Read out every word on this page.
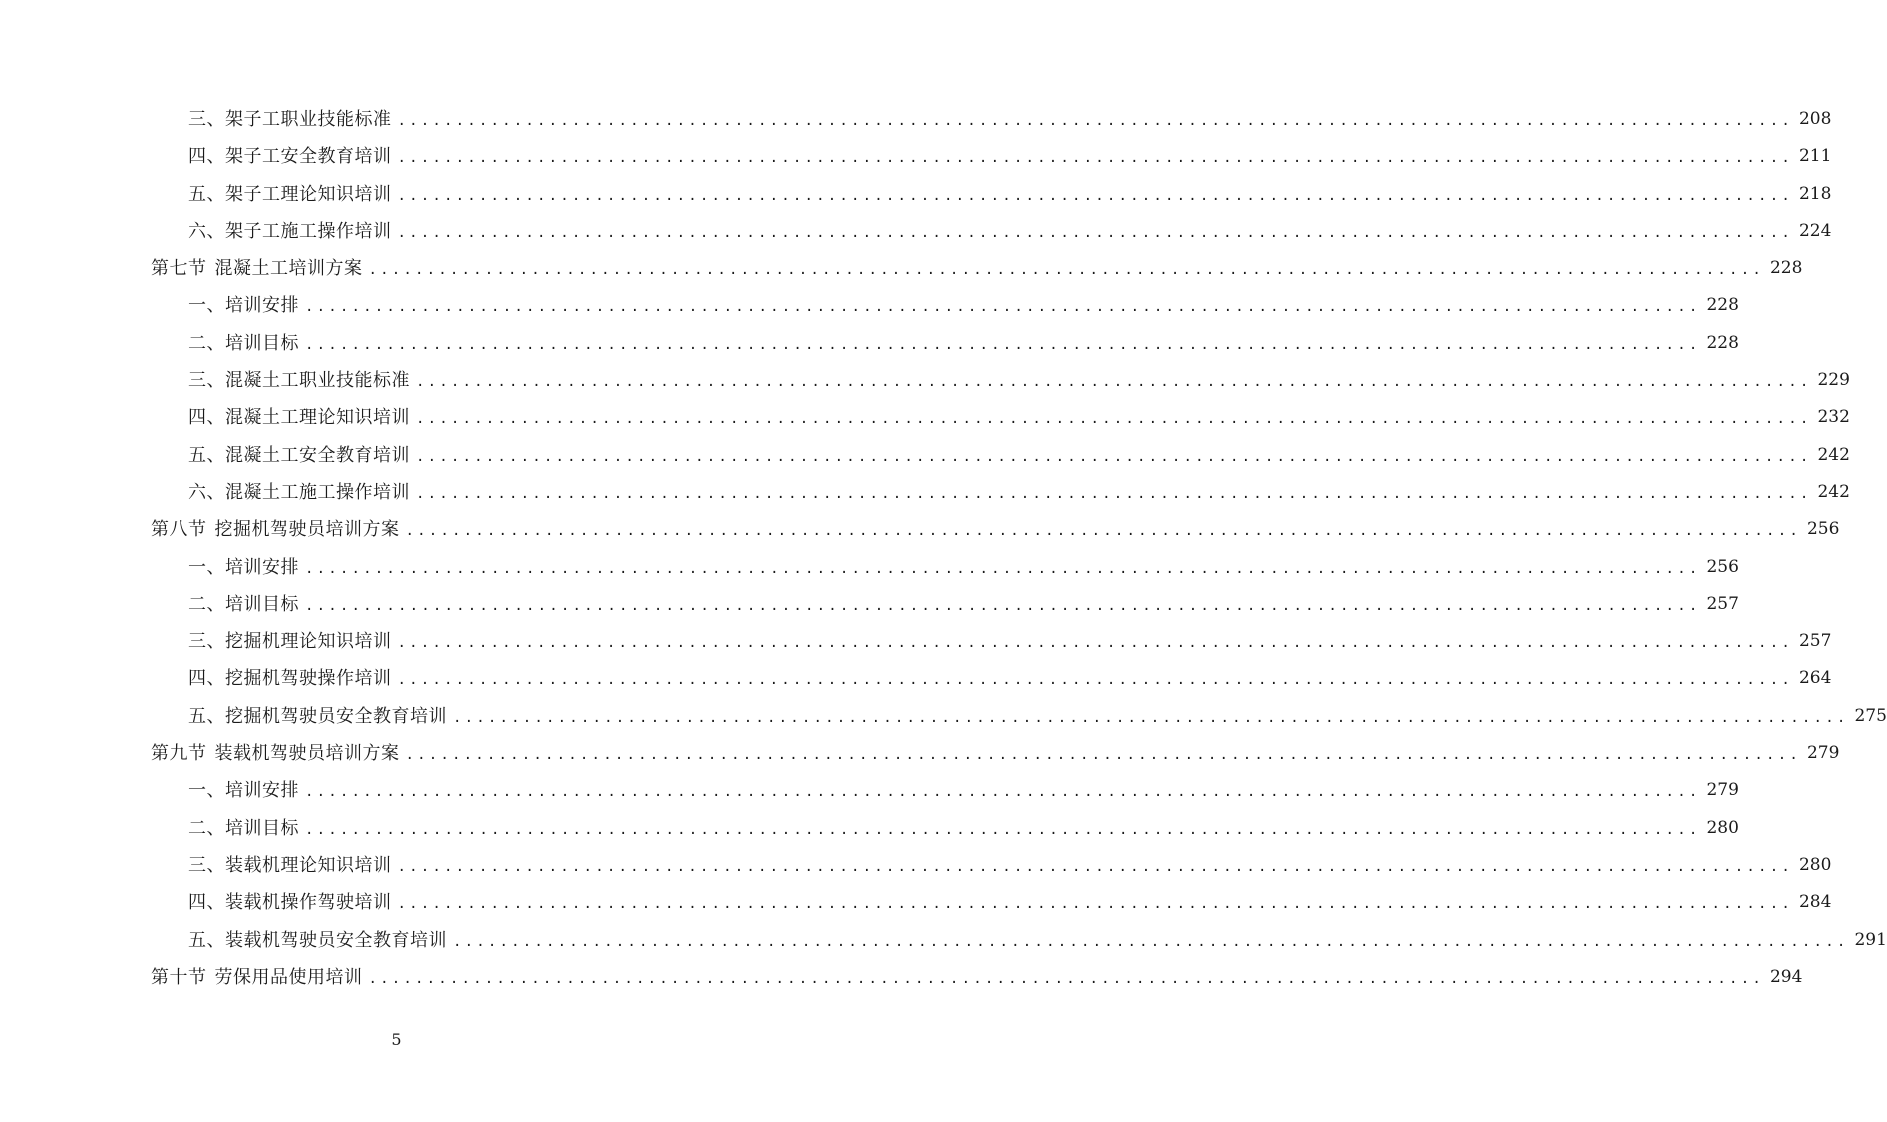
三、架子工职业技能标准 ........................................................................................................................ 208
四、架子工安全教育培训 ........................................................................................................................ 211
五、架子工理论知识培训 ........................................................................................................................ 218
六、架子工施工操作培训 ........................................................................................................................ 224
第七节 混凝土工培训方案 ........................................................................................................................ 228
一、培训安排 ........................................................................................................................ 228
二、培训目标 ........................................................................................................................ 228
三、混凝土工职业技能标准 ........................................................................................................................ 229
四、混凝土工理论知识培训 ........................................................................................................................ 232
五、混凝土工安全教育培训 ........................................................................................................................ 242
六、混凝土工施工操作培训 ........................................................................................................................ 242
第八节 挖掘机驾驶员培训方案 ........................................................................................................................ 256
一、培训安排 ........................................................................................................................ 256
二、培训目标 ........................................................................................................................ 257
三、挖掘机理论知识培训 ........................................................................................................................ 257
四、挖掘机驾驶操作培训 ........................................................................................................................ 264
五、挖掘机驾驶员安全教育培训 ........................................................................................................................ 275
第九节 装载机驾驶员培训方案 ........................................................................................................................ 279
一、培训安排 ........................................................................................................................ 279
二、培训目标 ........................................................................................................................ 280
三、装载机理论知识培训 ........................................................................................................................ 280
四、装载机操作驾驶培训 ........................................................................................................................ 284
五、装载机驾驶员安全教育培训 ........................................................................................................................ 291
第十节 劳保用品使用培训 ........................................................................................................................ 294
5
